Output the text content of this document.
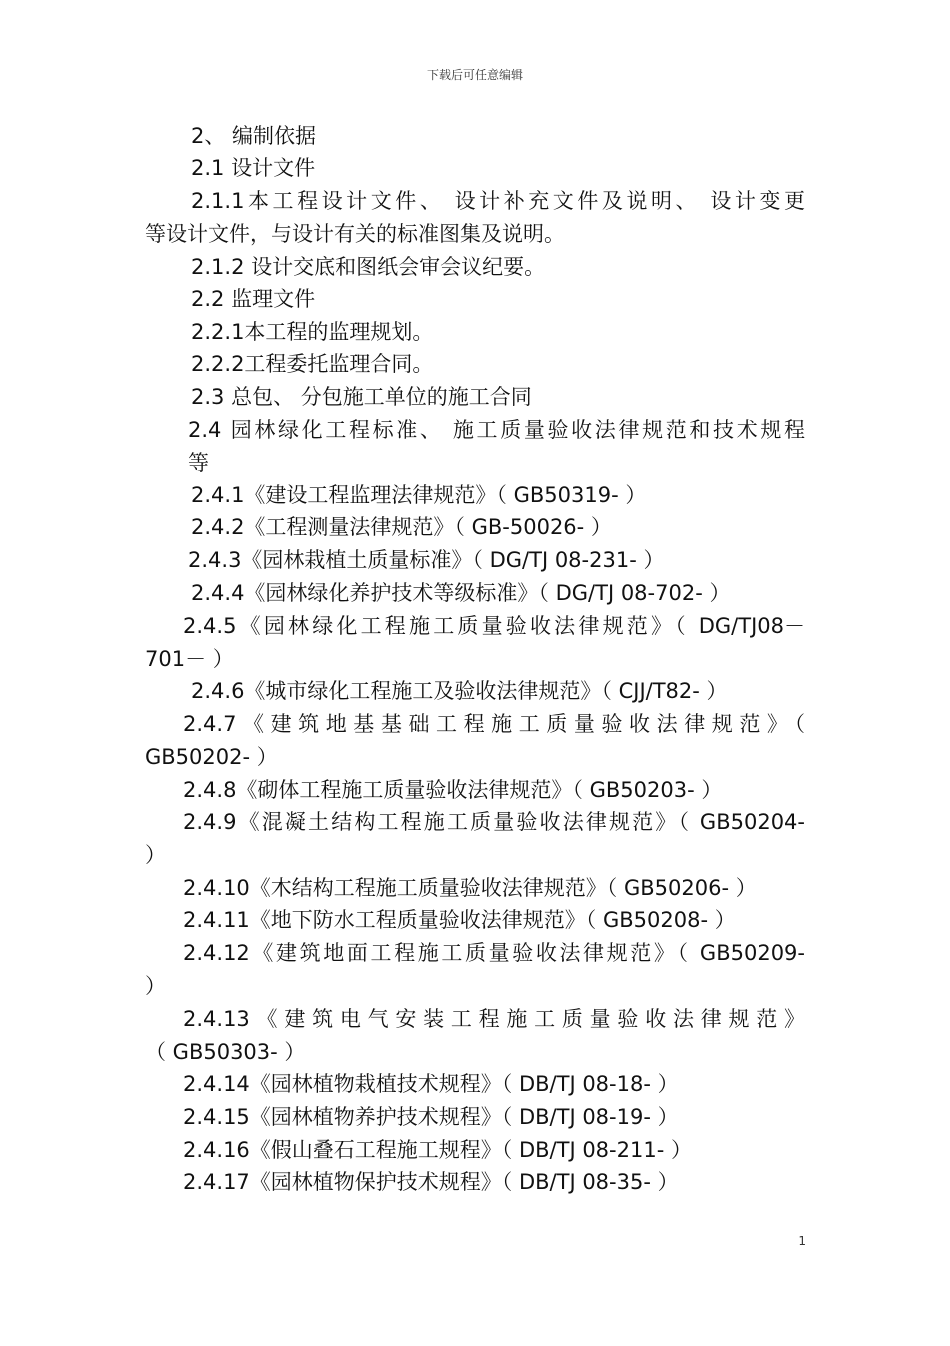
下载后可任意编辑
2、 编制依据
2.1 设计文件
2.1.1本工程设计文件、 设计补充文件及说明、 设计变更
等设计文件，与设计有关的标准图集及说明。
2.1.2 设计交底和图纸会审会议纪要。
2.2 监理文件
2.2.1本工程的监理规划。
2.2.2工程委托监理合同。
2.3 总包、 分包施工单位的施工合同
2.4 园林绿化工程标准、 施工质量验收法律规范和技术规程
等
2.4.1《建设工程监理法律规范》（ GB50319- ）
2.4.2《工程测量法律规范》（ GB-50026- ）
2.4.3《园林栽植土质量标准》（ DG/TJ 08-231- ）
2.4.4《园林绿化养护技术等级标准》（ DG/TJ 08-702- ）
2.4.5《园林绿化工程施工质量验收法律规范》（ DG/TJ08－
701－ ）
2.4.6《城市绿化工程施工及验收法律规范》（ CJJ/T82- ）
2.4.7《建筑地基基础工程施工质量验收法律规范》（
GB50202- ）
2.4.8《砌体工程施工质量验收法律规范》（ GB50203- ）
2.4.9《混凝土结构工程施工质量验收法律规范》（ GB50204-
）
2.4.10《木结构工程施工质量验收法律规范》（ GB50206- ）
2.4.11《地下防水工程质量验收法律规范》（ GB50208- ）
2.4.12《建筑地面工程施工质量验收法律规范》（ GB50209-
）
2.4.13《建筑电气安装工程施工质量验收法律规范》
（ GB50303- ）
2.4.14《园林植物栽植技术规程》（ DB/TJ 08-18- ）
2.4.15《园林植物养护技术规程》（ DB/TJ 08-19- ）
2.4.16《假山叠石工程施工规程》（ DB/TJ 08-211- ）
2.4.17《园林植物保护技术规程》（ DB/TJ 08-35- ）
1
